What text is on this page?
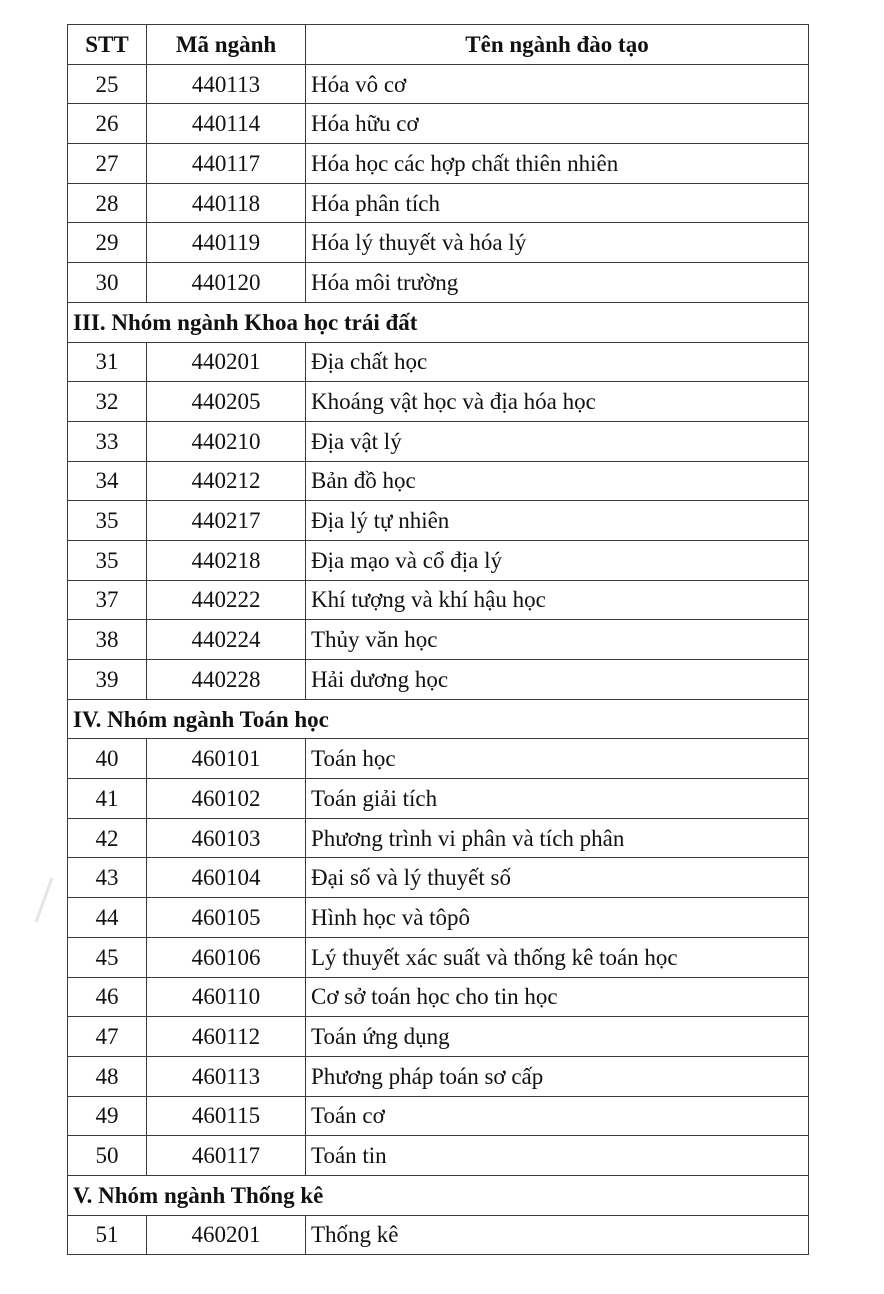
STT	Mã ngành	Tên ngành đào tạo
25	440113	Hóa vô cơ
26	440114	Hóa hữu cơ
27	440117	Hóa học các hợp chất thiên nhiên
28	440118	Hóa phân tích
29	440119	Hóa lý thuyết và hóa lý
30	440120	Hóa môi trường
III. Nhóm ngành Khoa học trái đất		
31	440201	Địa chất học
32	440205	Khoáng vật học và địa hóa học
33	440210	Địa vật lý
34	440212	Bản đồ học
35	440217	Địa lý tự nhiên
35	440218	Địa mạo và cổ địa lý
37	440222	Khí tượng và khí hậu học
38	440224	Thủy văn học
39	440228	Hải dương học
IV. Nhóm ngành Toán học		
40	460101	Toán học
41	460102	Toán giải tích
42	460103	Phương trình vi phân và tích phân
43	460104	Đại số và lý thuyết số
44	460105	Hình học và tôpô
45	460106	Lý thuyết xác suất và thống kê toán học
46	460110	Cơ sở toán học cho tin học
47	460112	Toán ứng dụng
48	460113	Phương pháp toán sơ cấp
49	460115	Toán cơ
50	460117	Toán tin
V. Nhóm ngành Thống kê		
51	460201	Thống kê
